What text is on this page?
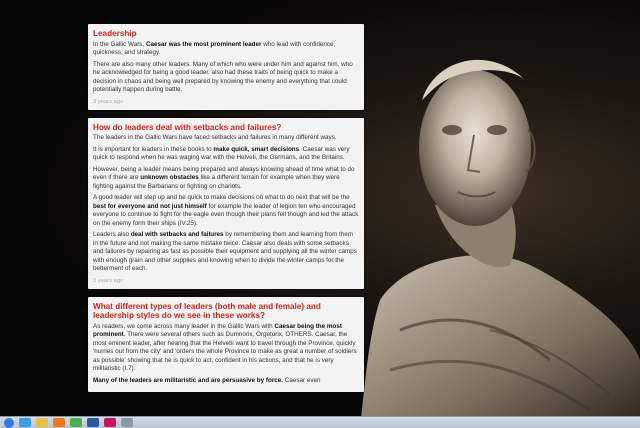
Leadership

In the Gallic Wars, Caesar was the most prominent leader who lead with confidence, quickness, and strategy.

There are also many other leaders. Many of which who were under him and against him, who he acknowledged for being a good leader, also had these traits of being quick to make a decision in chaos and being well prepared by knowing the enemy and everything that could potentially happen during battle.

3 years ago
How do leaders deal with setbacks and failures?

The leaders in the Gallic Wars have faced setbacks and failures in many different ways.

It is important for leaders in these books to make quick, smart decisions. Caesar was very quick to respond when he was waging war with the Helveti, the Germans, and the Britains.

However, being a leader means being prepared and always knowing ahead of time what to do even if there are unknown obstacles like a different terrain for example when they were fighting against the Barbarians or fighting on chariots.

A good leader will step up and be quick to make decisions on what to do next that will be the best for everyone and not just himself for example the leader of legion ten who encouraged everyone to continue to fight for the eagle even though their plans fell though and led the attack on the enemy form their ships (IV.25).

Leaders also deal with setbacks and failures by remembering them and learning from them in the future and not making the same mistake twice. Caesar also deals with some setbacks and failures by repairing as fast as possible their equipment and supplying all the winter camps with enough grain and other supplies and knowing when to divide the winter camps for the betterment of each.

3 years ago
What different types of leaders (both male and female) and leadership styles do we see in these works?

As readers, we come across many leader in the Gallic Wars with Caesar being the most prominent. There were several others such as Dumnorix, Orgetorix, OTHERS. Caesar, the most eminent leader, after hearing that the Helvetii want to travel through the Province, quickly 'hurries out from the city' and 'orders the whole Province to make as great a number of soldiers as possible' showing that he is quick to act, confident in his actions, and that he is very militaristic (I.7).

Many of the leaders are militaristic and are persuasive by force. Caesar even
